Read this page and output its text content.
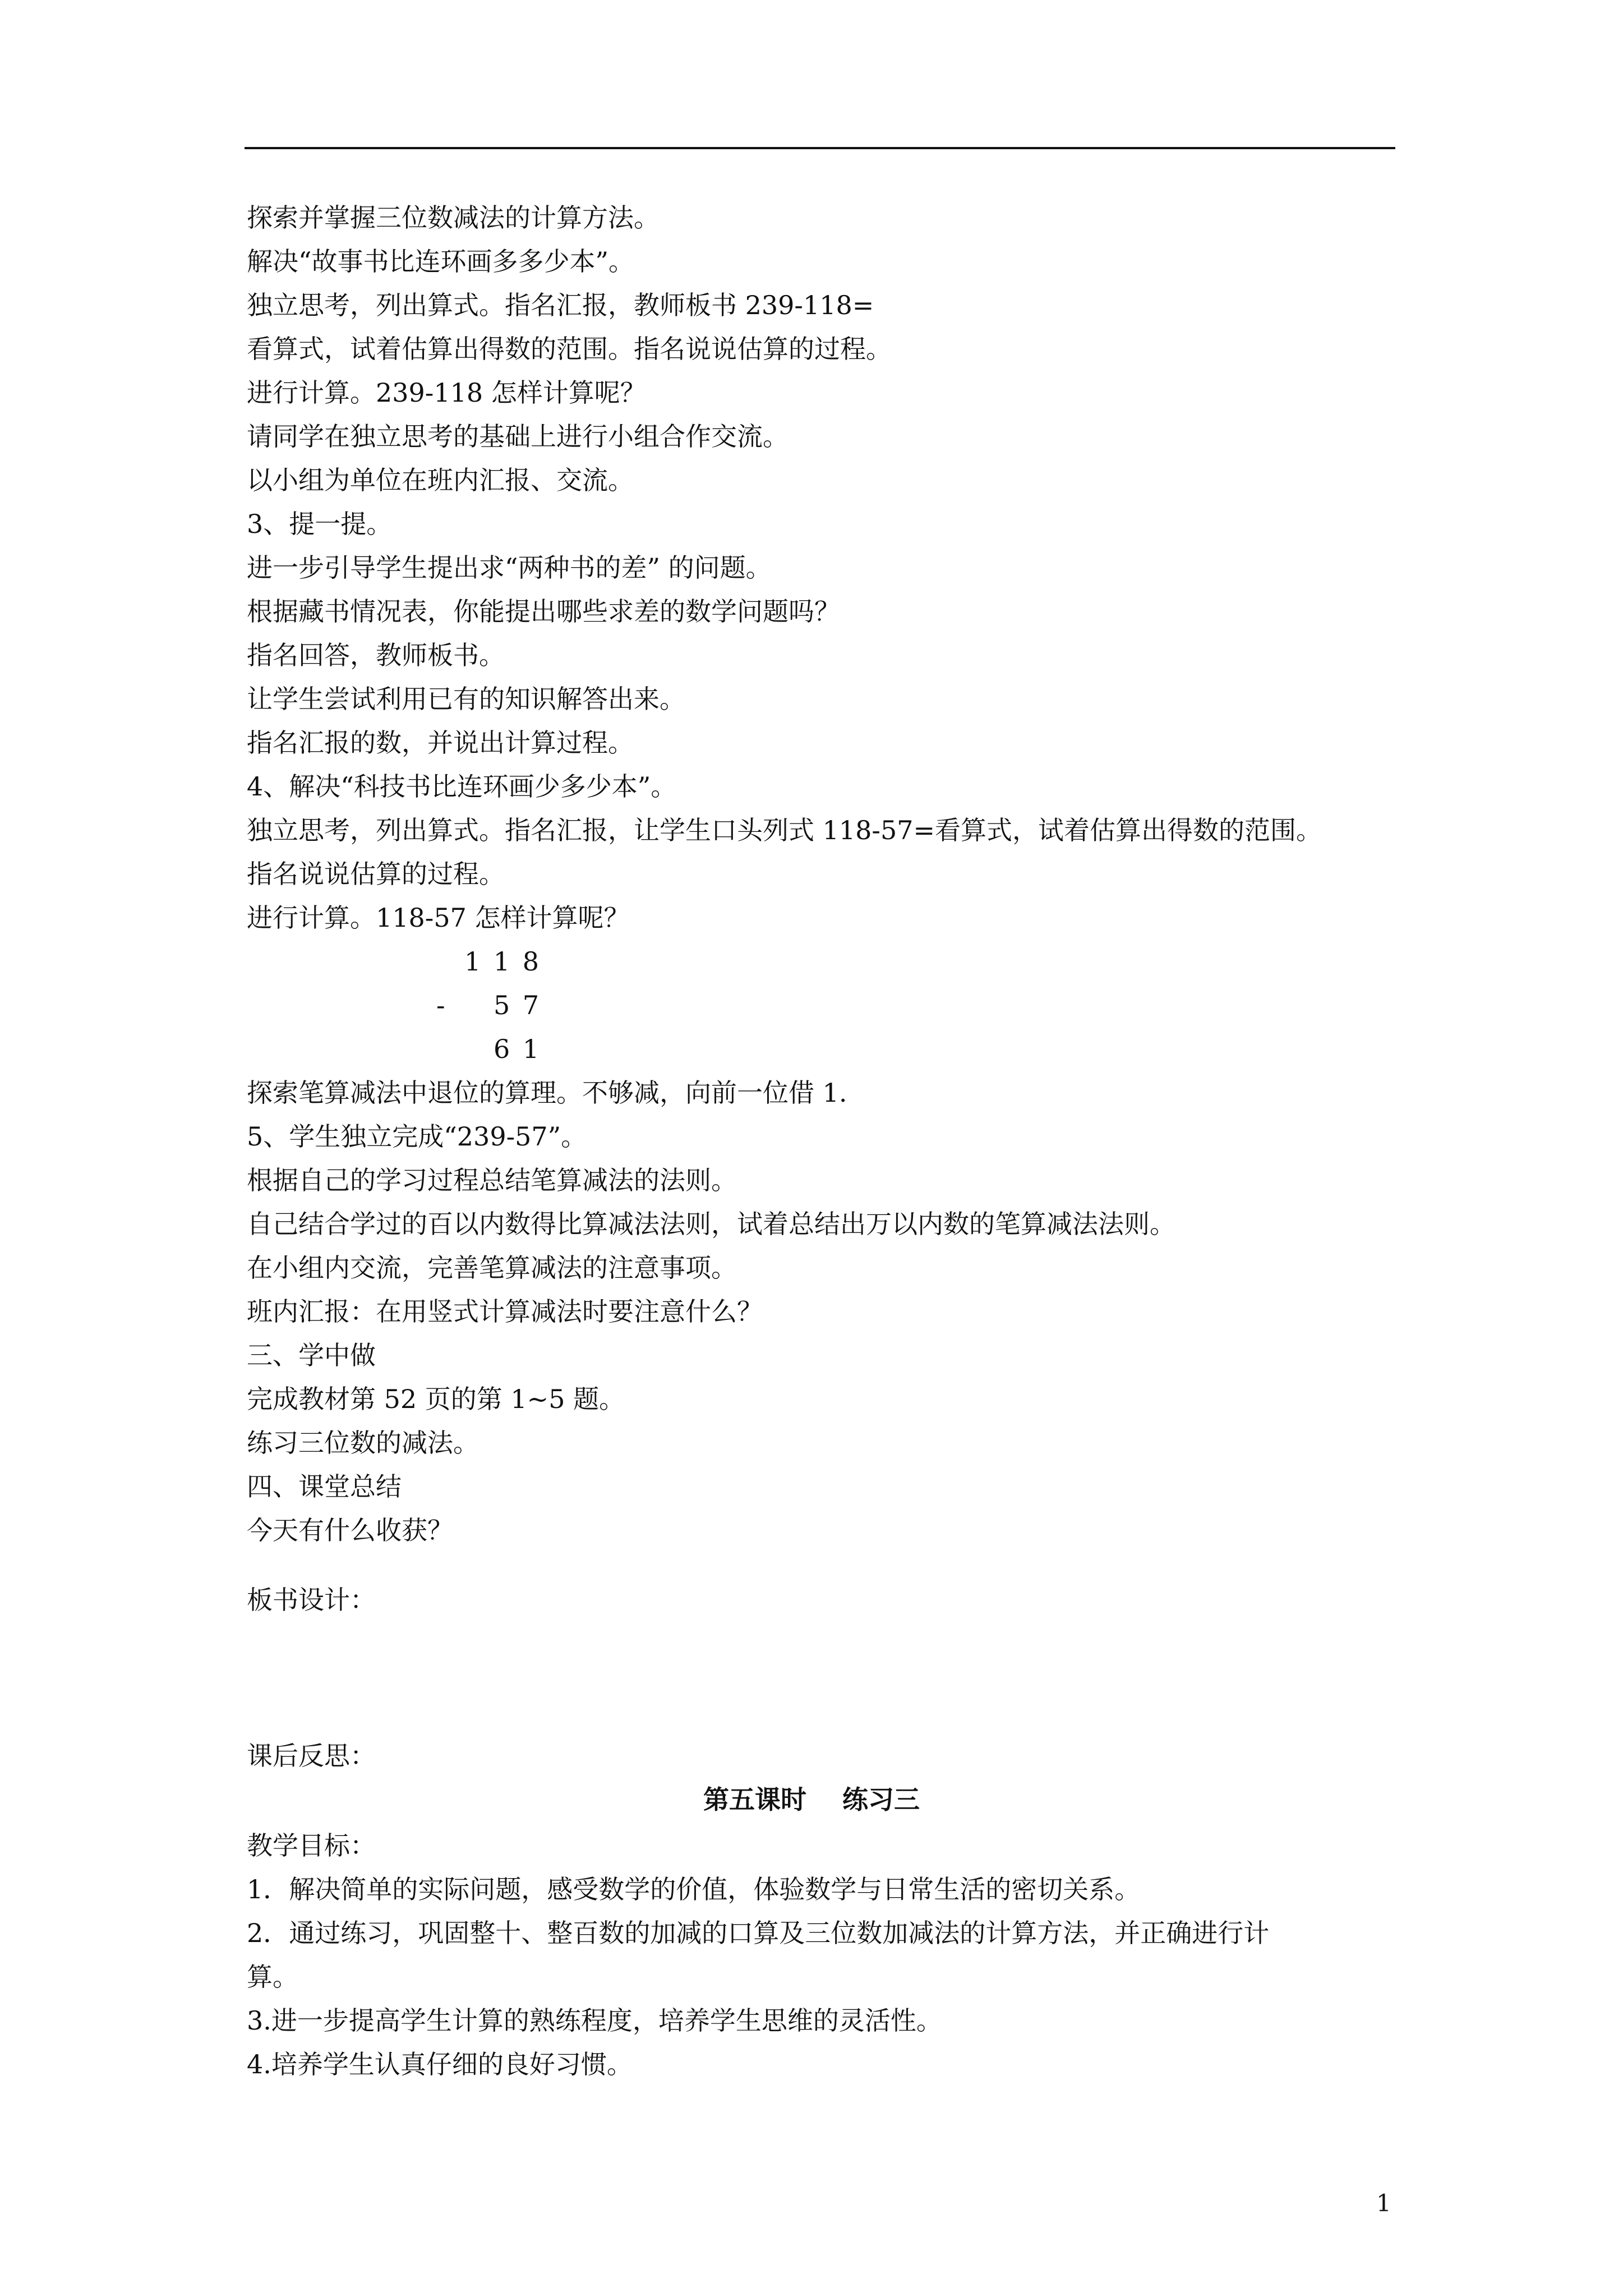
探索并掌握三位数减法的计算方法。
解决“故事书比连环画多多少本”。
独立思考，列出算式。指名汇报，教师板书 239-118=
看算式，试着估算出得数的范围。指名说说估算的过程。
进行计算。239-118 怎样计算呢？
请同学在独立思考的基础上进行小组合作交流。
以小组为单位在班内汇报、交流。
3、提一提。
进一步引导学生提出求“两种书的差” 的问题。
根据藏书情况表，你能提出哪些求差的数学问题吗？
指名回答，教师板书。
让学生尝试利用已有的知识解答出来。
指名汇报的数，并说出计算过程。
4、解决“科技书比连环画少多少本”。
独立思考，列出算式。指名汇报，让学生口头列式 118-57=看算式，试着估算出得数的范围。
指名说说估算的过程。
进行计算。118-57 怎样计算呢？
1 1 8
- 5 7
6 1
探索笔算减法中退位的算理。不够减，向前一位借 1.
5、学生独立完成“239-57”。
根据自己的学习过程总结笔算减法的法则。
自己结合学过的百以内数得比算减法法则，试着总结出万以内数的笔算减法法则。
在小组内交流，完善笔算减法的注意事项。
班内汇报：在用竖式计算减法时要注意什么？
三、学中做
完成教材第 52 页的第 1~5 题。
练习三位数的减法。
四、课堂总结
今天有什么收获？
板书设计：
课后反思：
第五课时    练习三
教学目标：
1．解决简单的实际问题，感受数学的价值，体验数学与日常生活的密切关系。
2．通过练习，巩固整十、整百数的加减的口算及三位数加减法的计算方法，并正确进行计
算。
3.进一步提高学生计算的熟练程度，培养学生思维的灵活性。
4.培养学生认真仔细的良好习惯。
1
